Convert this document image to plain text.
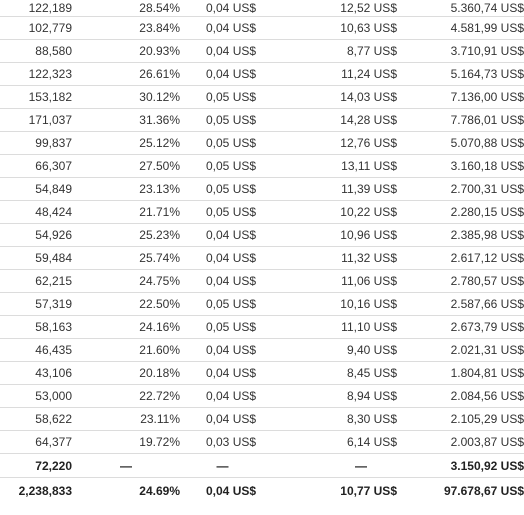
122,189	28.54%	0,04 US$	12,52 US$	5.360,74 US$
102,779	23.84%	0,04 US$	10,63 US$	4.581,99 US$
88,580	20.93%	0,04 US$	8,77 US$	3.710,91 US$
122,323	26.61%	0,04 US$	11,24 US$	5.164,73 US$
153,182	30.12%	0,05 US$	14,03 US$	7.136,00 US$
171,037	31.36%	0,05 US$	14,28 US$	7.786,01 US$
99,837	25.12%	0,05 US$	12,76 US$	5.070,88 US$
66,307	27.50%	0,05 US$	13,11 US$	3.160,18 US$
54,849	23.13%	0,05 US$	11,39 US$	2.700,31 US$
48,424	21.71%	0,05 US$	10,22 US$	2.280,15 US$
54,926	25.23%	0,04 US$	10,96 US$	2.385,98 US$
59,484	25.74%	0,04 US$	11,32 US$	2.617,12 US$
62,215	24.75%	0,04 US$	11,06 US$	2.780,57 US$
57,319	22.50%	0,05 US$	10,16 US$	2.587,66 US$
58,163	24.16%	0,05 US$	11,10 US$	2.673,79 US$
46,435	21.60%	0,04 US$	9,40 US$	2.021,31 US$
43,106	20.18%	0,04 US$	8,45 US$	1.804,81 US$
53,000	22.72%	0,04 US$	8,94 US$	2.084,56 US$
58,622	23.11%	0,04 US$	8,30 US$	2.105,29 US$
64,377	19.72%	0,03 US$	6,14 US$	2.003,87 US$
72,220	—	—	—	3.150,92 US$
2,238,833	24.69%	0,04 US$	10,77 US$	97.678,67 US$
